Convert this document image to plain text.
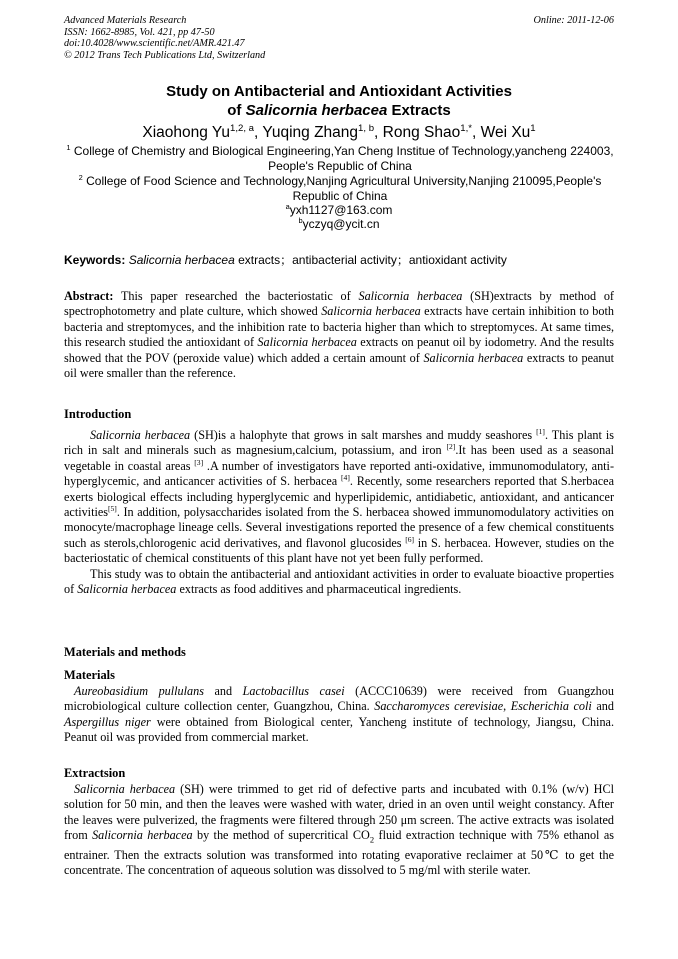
Advanced Materials Research
ISSN: 1662-8985, Vol. 421, pp 47-50
doi:10.4028/www.scientific.net/AMR.421.47
© 2012 Trans Tech Publications Ltd, Switzerland
Online: 2011-12-06
Study on Antibacterial and Antioxidant Activities
of Salicornia herbacea Extracts
Xiaohong Yu$^{1,2, a}$, Yuqing Zhang$^{1, b}$, Rong Shao$^{1,*}$, Wei Xu$^1$
$^1$ College of Chemistry and Biological Engineering,Yan Cheng Institue of Technology,yancheng 224003, People's Republic of China
$^2$ College of Food Science and Technology,Nanjing Agricultural University,Nanjing 210095,People's Republic of China
$^a$yxh1127@163.com
$^b$yczyq@ycit.cn
Keywords: Salicornia herbacea extracts；antibacterial activity；antioxidant activity

Abstract: This paper researched the bacteriostatic of Salicornia herbacea (SH)extracts by method of spectrophotometry and plate culture, which showed Salicornia herbacea extracts have certain inhibition to both bacteria and streptomyces, and the inhibition rate to bacteria higher than which to streptomyces. At same times, this research studied the antioxidant of Salicornia herbacea extracts on peanut oil by iodometry. And the results showed that the POV (peroxide value) which added a certain amount of Salicornia herbacea extracts to peanut oil were smaller than the reference.

Introduction

Salicornia herbacea (SH)is a halophyte that grows in salt marshes and muddy seashores [1]. This plant is rich in salt and minerals such as magnesium,calcium, potassium, and iron [2].It has been used as a seasonal vegetable in coastal areas [3] .A number of investigators have reported anti-oxidative, immunomodulatory, anti-hyperglycemic, and anticancer activities of S. herbacea [4]. Recently, some researchers reported that S.herbacea exerts biological effects including hyperglycemic and hyperlipidemic, antidiabetic, antioxidant, and anticancer activities[5]. In addition, polysaccharides isolated from the S. herbacea showed immunomodulatory activities on monocyte/macrophage lineage cells. Several investigations reported the presence of a few chemical constituents such as sterols,chlorogenic acid derivatives, and flavonol glucosides [6] in S. herbacea. However, studies on the bacteriostatic of chemical constituents of this plant have not yet been fully performed.

This study was to obtain the antibacterial and antioxidant activities in order to evaluate bioactive properties of Salicornia herbacea extracts as food additives and pharmaceutical ingredients.

Materials and methods
Materials

Aureobasidium pullulans and Lactobacillus casei (ACCC10639) were received from Guangzhou microbiological culture collection center, Guangzhou, China. Saccharomyces cerevisiae, Escherichia coli and Aspergillus niger were obtained from Biological center, Yancheng institute of technology, Jiangsu, China. Peanut oil was provided from commercial market.

Extractsion

Salicornia herbacea (SH) were trimmed to get rid of defective parts and incubated with 0.1% (w/v) HCl solution for 50 min, and then the leaves were washed with water, dried in an oven until weight constancy. After the leaves were pulverized, the fragments were filtered through 250 μm screen. The active extracts was isolated from Salicornia herbacea by the method of supercritical $CO_2$ fluid extraction technique with 75% ethanol as entrainer. Then the extracts solution was transformed into rotating evaporative reclaimer at 50℃ to get the concentrate. The concentration of aqueous solution was dissolved to 5 mg/ml with sterile water.
